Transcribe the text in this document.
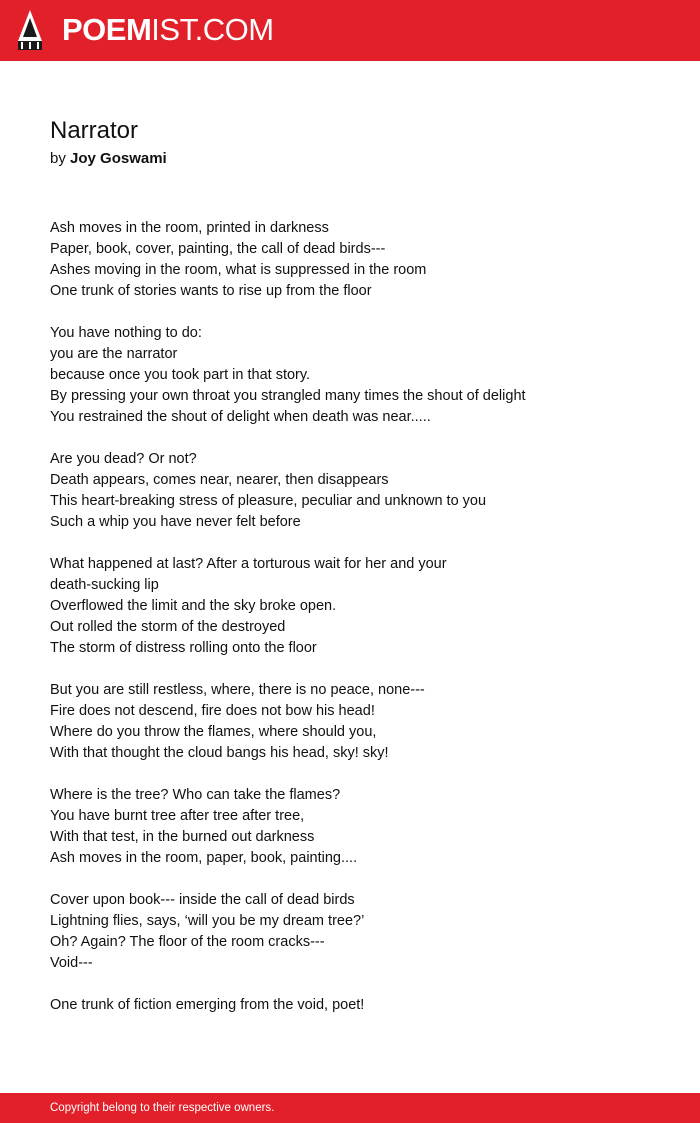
POEMIST.COM
Narrator
by Joy Goswami
Ash moves in the room, printed in darkness
Paper, book, cover, painting, the call of dead birds---
Ashes moving in the room, what is suppressed in the room
One trunk of stories wants to rise up from the floor
You have nothing to do:
you are the narrator
because once you took part in that story.
By pressing your own throat you strangled many times the shout of delight
You restrained the shout of delight when death was near.....
Are you dead? Or not?
Death appears, comes near, nearer, then disappears
This heart-breaking stress of pleasure, peculiar and unknown to you
Such a whip you have never felt before
What happened at last? After a torturous wait for her and your
death-sucking lip
Overflowed the limit and the sky broke open.
Out rolled the storm of the destroyed
The storm of distress rolling onto the floor
But you are still restless, where, there is no peace, none---
Fire does not descend, fire does not bow his head!
Where do you throw the flames, where should you,
With that thought the cloud bangs his head, sky! sky!
Where is the tree? Who can take the flames?
You have burnt tree after tree after tree,
With that test, in the burned out darkness
Ash moves in the room, paper, book, painting....
Cover upon book--- inside the call of dead birds
Lightning flies, says, ‘will you be my dream tree?’
Oh? Again? The floor of the room cracks---
Void---
One trunk of fiction emerging from the void, poet!
Copyright belong to their respective owners.
